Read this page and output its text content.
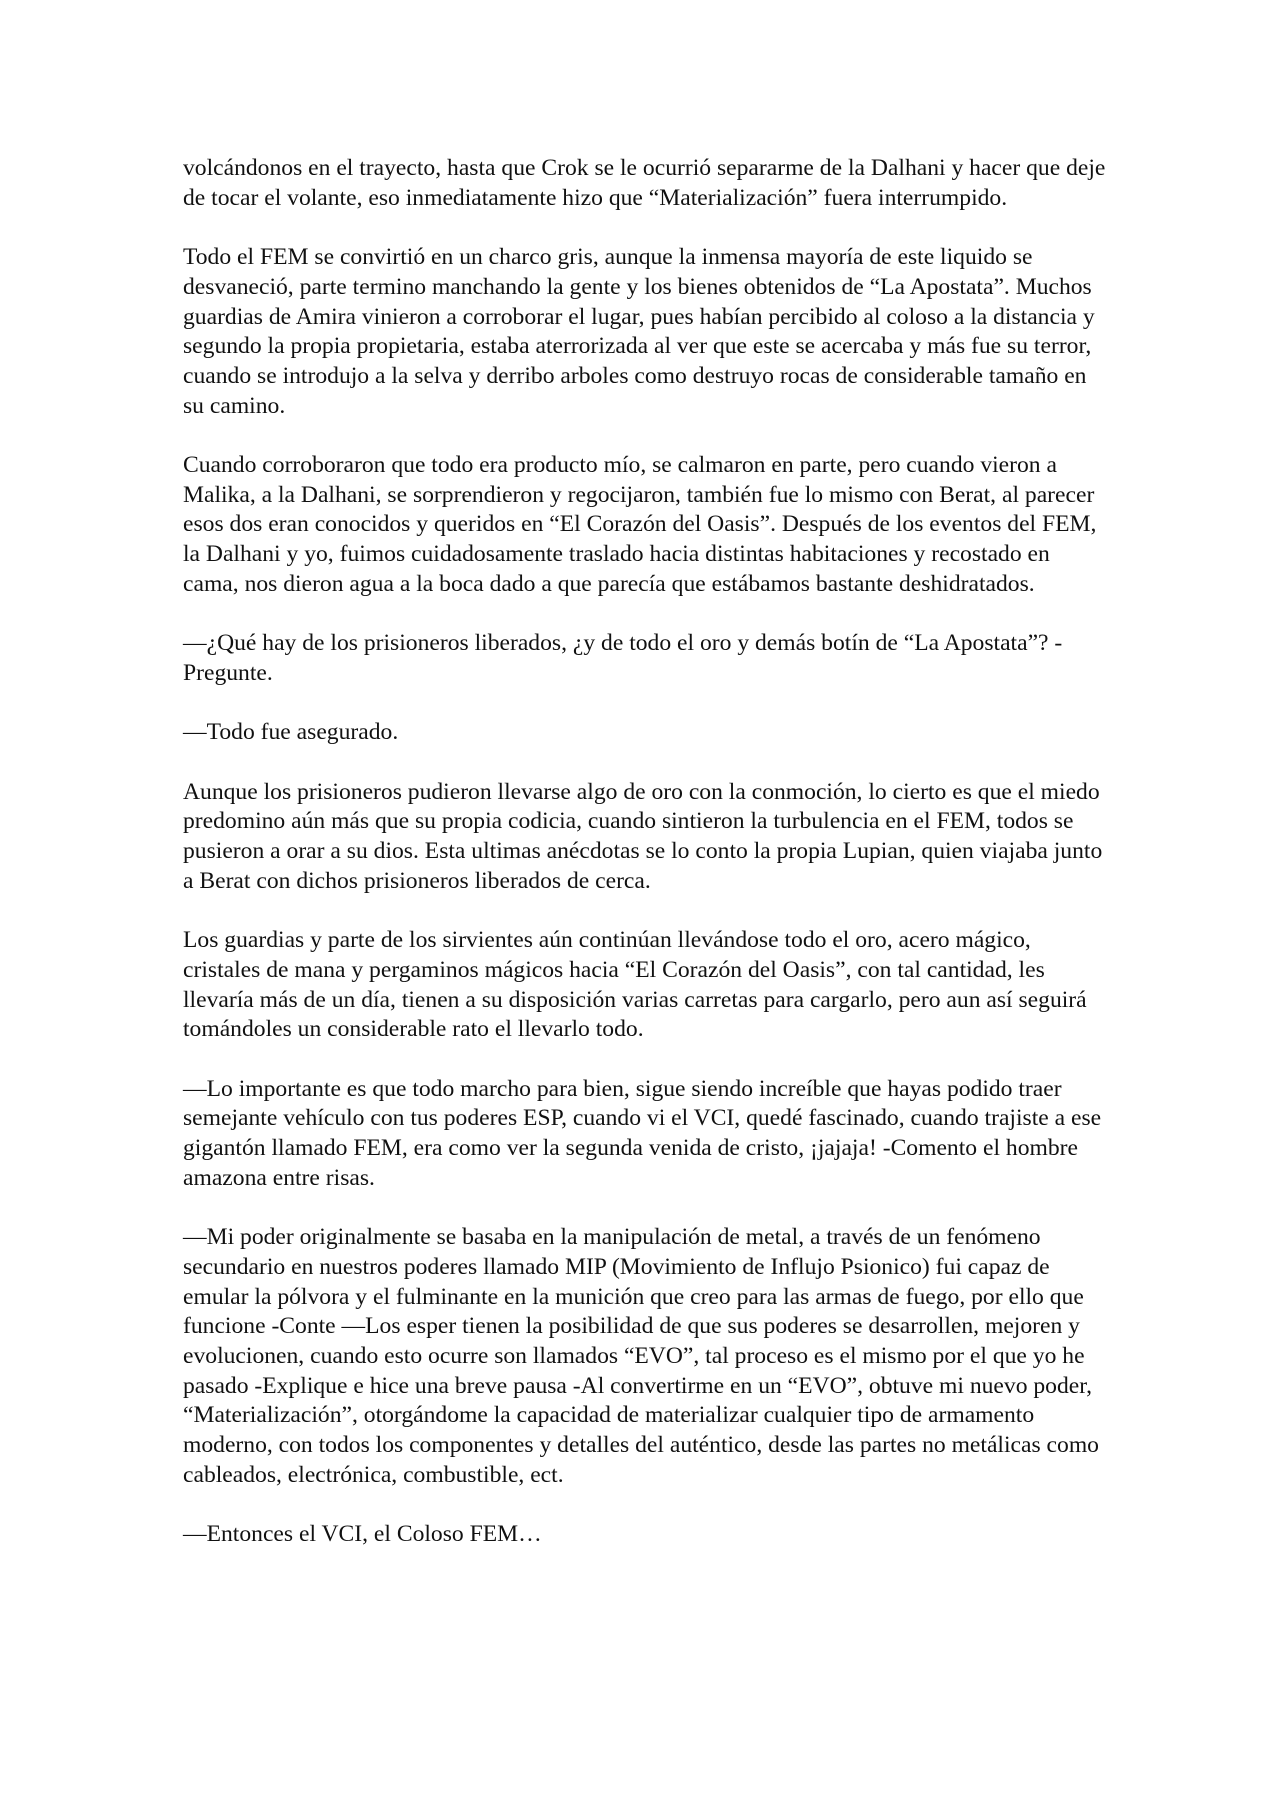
volcándonos en el trayecto, hasta que Crok se le ocurrió separarme de la Dalhani y hacer que deje de tocar el volante, eso inmediatamente hizo que “Materialización” fuera interrumpido.

Todo el FEM se convirtió en un charco gris, aunque la inmensa mayoría de este liquido se desvaneció, parte termino manchando la gente y los bienes obtenidos de “La Apostata”. Muchos guardias de Amira vinieron a corroborar el lugar, pues habían percibido al coloso a la distancia y segundo la propia propietaria, estaba aterrorizada al ver que este se acercaba y más fue su terror, cuando se introdujo a la selva y derribo arboles como destruyo rocas de considerable tamaño en su camino.

Cuando corroboraron que todo era producto mío, se calmaron en parte, pero cuando vieron a Malika, a la Dalhani, se sorprendieron y regocijaron, también fue lo mismo con Berat, al parecer esos dos eran conocidos y queridos en “El Corazón del Oasis”. Después de los eventos del FEM, la Dalhani y yo, fuimos cuidadosamente traslado hacia distintas habitaciones y recostado en cama, nos dieron agua a la boca dado a que parecía que estábamos bastante deshidratados.

—¿Qué hay de los prisioneros liberados, ¿y de todo el oro y demás botín de “La Apostata”? -Pregunte.

—Todo fue asegurado.

Aunque los prisioneros pudieron llevarse algo de oro con la conmoción, lo cierto es que el miedo predomino aún más que su propia codicia, cuando sintieron la turbulencia en el FEM, todos se pusieron a orar a su dios. Esta ultimas anécdotas se lo conto la propia Lupian, quien viajaba junto a Berat con dichos prisioneros liberados de cerca.

Los guardias y parte de los sirvientes aún continúan llevándose todo el oro, acero mágico, cristales de mana y pergaminos mágicos hacia “El Corazón del Oasis”, con tal cantidad, les llevaría más de un día, tienen a su disposición varias carretas para cargarlo, pero aun así seguirá tomándoles un considerable rato el llevarlo todo.

—Lo importante es que todo marcho para bien, sigue siendo increíble que hayas podido traer semejante vehículo con tus poderes ESP, cuando vi el VCI, quedé fascinado, cuando trajiste a ese gigantón llamado FEM, era como ver la segunda venida de cristo, ¡jajaja! -Comento el hombre amazona entre risas.

—Mi poder originalmente se basaba en la manipulación de metal, a través de un fenómeno secundario en nuestros poderes llamado MIP (Movimiento de Influjo Psionico) fui capaz de emular la pólvora y el fulminante en la munición que creo para las armas de fuego, por ello que funcione -Conte —Los esper tienen la posibilidad de que sus poderes se desarrollen, mejoren y evolucionen, cuando esto ocurre son llamados “EVO”, tal proceso es el mismo por el que yo he pasado -Explique e hice una breve pausa -Al convertirme en un “EVO”, obtuve mi nuevo poder, “Materialización”, otorgándome la capacidad de materializar cualquier tipo de armamento moderno, con todos los componentes y detalles del auténtico, desde las partes no metálicas como cableados, electrónica, combustible, ect.

—Entonces el VCI, el Coloso FEM…
